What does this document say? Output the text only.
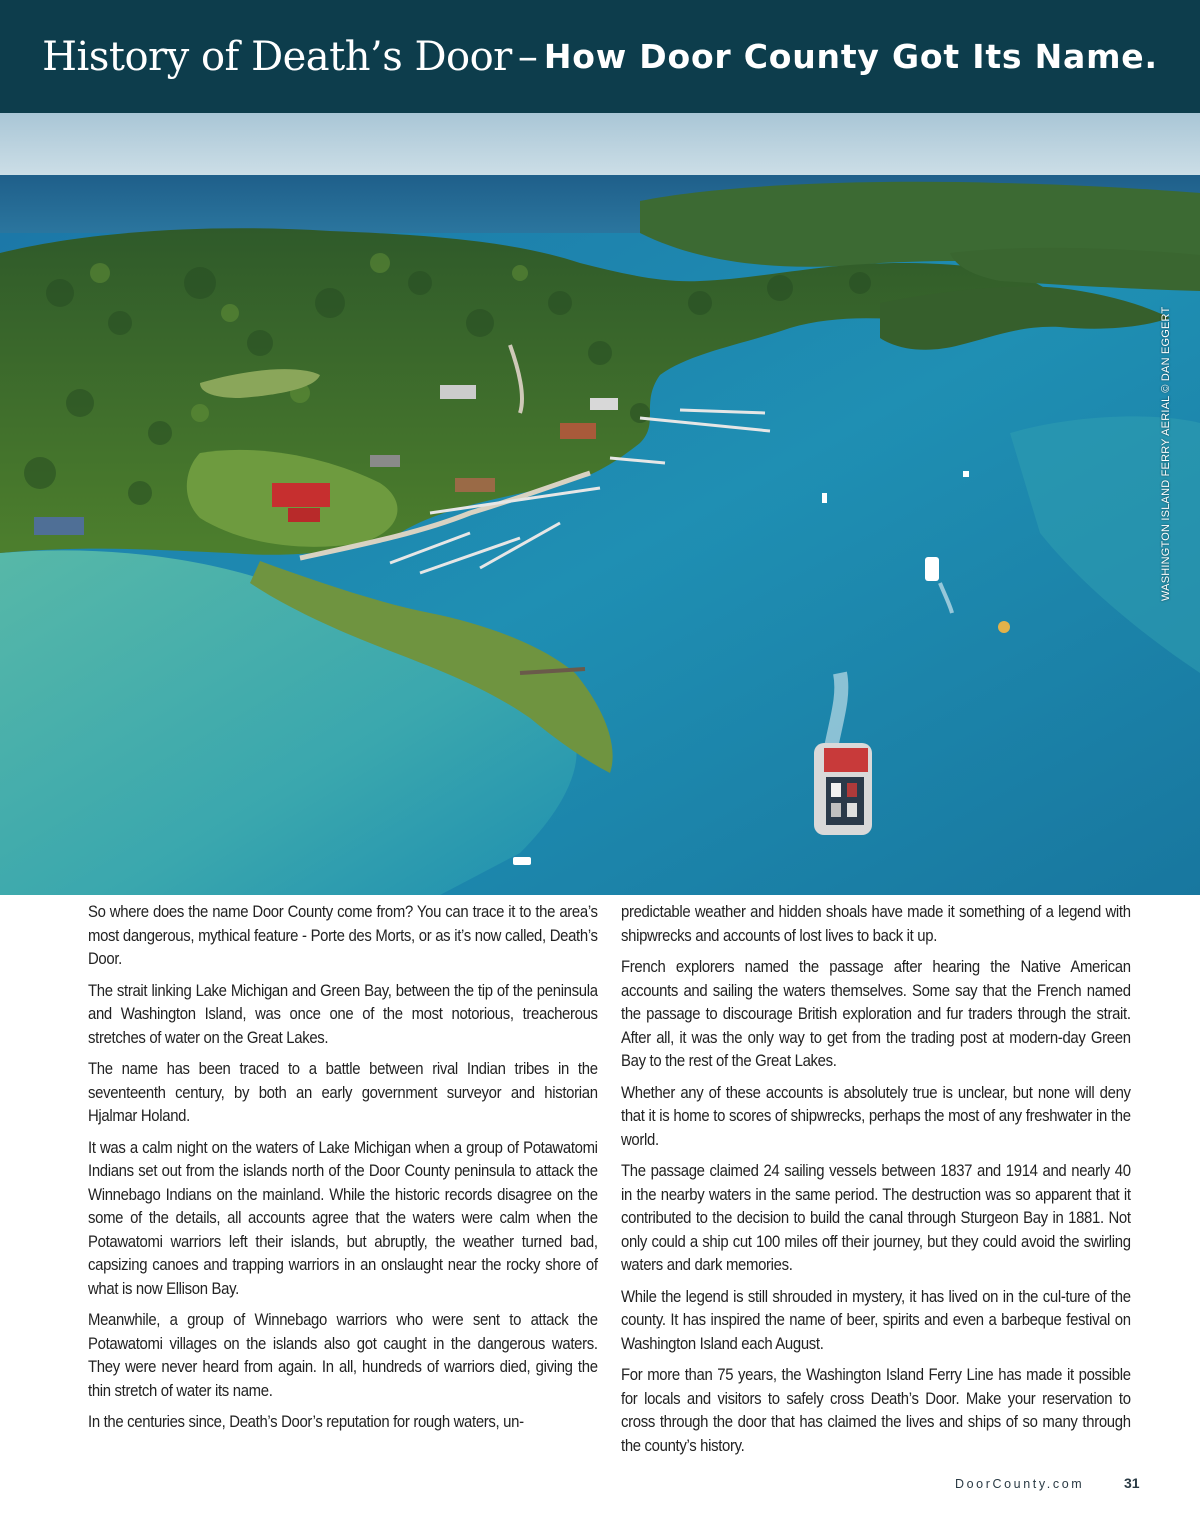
History of Death’s Door – How Door County Got Its Name.
WASHINGTON ISLAND FERRY AERIAL © DAN EGGERT

So where does the name Door County come from? You can trace it to the area’s most dangerous, mythical feature - Porte des Morts, or as it’s now called, Death’s Door.

The strait linking Lake Michigan and Green Bay, between the tip of the peninsula and Washington Island, was once one of the most notorious, treacherous stretches of water on the Great Lakes.

The name has been traced to a battle between rival Indian tribes in the seventeenth century, by both an early government surveyor and historian Hjalmar Holand.

It was a calm night on the waters of Lake Michigan when a group of Potawatomi Indians set out from the islands north of the Door County peninsula to attack the Winnebago Indians on the mainland. While the historic records disagree on the some of the details, all accounts agree that the waters were calm when the Potawatomi warriors left their islands, but abruptly, the weather turned bad, capsizing canoes and trapping warriors in an onslaught near the rocky shore of what is now Ellison Bay.

Meanwhile, a group of Winnebago warriors who were sent to attack the Potawatomi villages on the islands also got caught in the dangerous waters. They were never heard from again. In all, hundreds of warriors died, giving the thin stretch of water its name.

In the centuries since, Death’s Door’s reputation for rough waters, un-

predictable weather and hidden shoals have made it something of a legend with shipwrecks and accounts of lost lives to back it up.

French explorers named the passage after hearing the Native American accounts and sailing the waters themselves. Some say that the French named the passage to discourage British exploration and fur traders through the strait. After all, it was the only way to get from the trading post at modern-day Green Bay to the rest of the Great Lakes.

Whether any of these accounts is absolutely true is unclear, but none will deny that it is home to scores of shipwrecks, perhaps the most of any freshwater in the world.

The passage claimed 24 sailing vessels between 1837 and 1914 and nearly 40 in the nearby waters in the same period. The destruction was so apparent that it contributed to the decision to build the canal through Sturgeon Bay in 1881. Not only could a ship cut 100 miles off their journey, but they could avoid the swirling waters and dark memories.

While the legend is still shrouded in mystery, it has lived on in the cul-ture of the county. It has inspired the name of beer, spirits and even a barbeque festival on Washington Island each August.

For more than 75 years, the Washington Island Ferry Line has made it possible for locals and visitors to safely cross Death’s Door. Make your reservation to cross through the door that has claimed the lives and ships of so many through the county’s history.

DoorCounty.com	31
